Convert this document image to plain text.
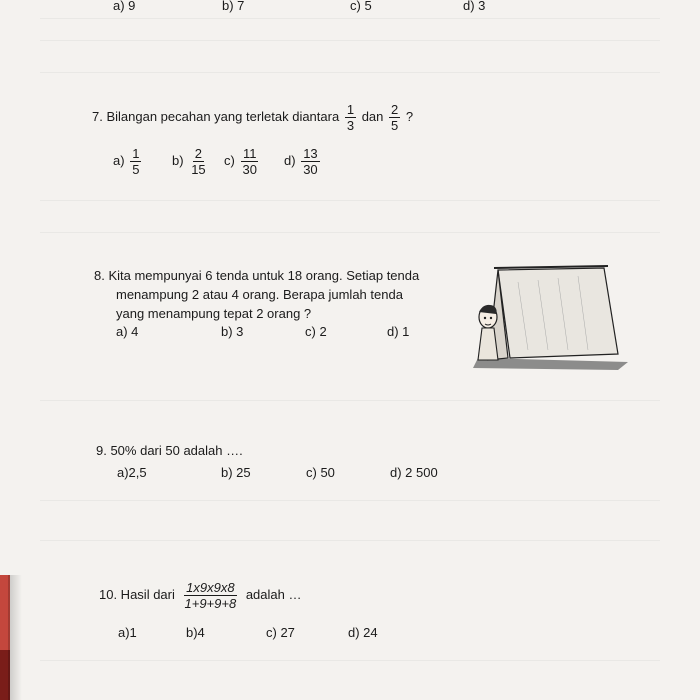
a) 9	b) 7	c) 5	d) 3
7. Bilangan pecahan yang terletak diantara $\frac{1}{3}$ dan $\frac{2}{5}$ ?
$a) \frac{1}{5} b) \frac{2}{15} c) \frac{11}{30} d) \frac{13}{30}$
8. Kita mempunyai 6 tenda untuk 18 orang. Setiap tenda
menampung 2 atau 4 orang. Berapa jumlah tenda
yang menampung tepat 2 orang ?
a) 4	b) 3	c) 2	d) 1
9. 50% dari 50 adalah ….
a)2,5	b) 25	c) 50	d) 2 500
10. Hasil dari $\frac{1x9x9x8}{1+9+9+8}$ adalah …
a)1	b)4	c) 27	d) 24
